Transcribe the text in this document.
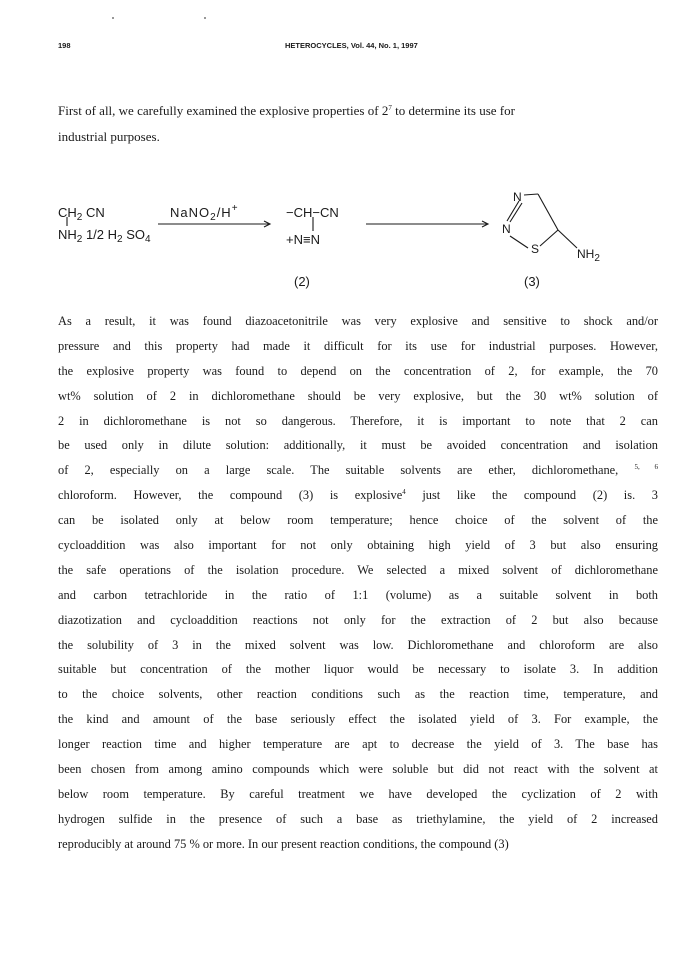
198	HETEROCYCLES, Vol. 44, No. 1, 1997

First of all, we carefully examined the explosive properties of $2^7$ to determine its use for
industrial purposes.

$CH_2$ CN
$NH_2$ 1/2 $H_2$ $SO_4$
NaNO$_2$/H+	−CH−CN
+N≡N
(2)
N
N
S	$NH_2$
(3)
As a result, it was found diazoacetonitrile was very explosive and sensitive to shock and/or
pressure and this property had made it difficult for its use for industrial purposes. However,
the explosive property was found to depend on the concentration of 2, for example, the 70
wt% solution of 2 in dichloromethane should be very explosive, but the 30 wt% solution of
2 in dichloromethane is not so dangerous. Therefore, it is important to note that 2 can
be used only in dilute solution: additionally, it must be avoided concentration and isolation
of 2, especially on a large scale. The suitable solvents are ether, dichloromethane, $^{5, 6}$
chloroform. However, the compound (3) is explosive$^4$ just like the compound (2) is. 3
can be isolated only at below room temperature; hence choice of the solvent of the
cycloaddition was also important for not only obtaining high yield of 3 but also ensuring
the safe operations of the isolation procedure. We selected a mixed solvent of dichloromethane
and carbon tetrachloride in the ratio of 1:1 (volume) as a suitable solvent in both
diazotization and cycloaddition reactions not only for the extraction of 2 but also because
the solubility of 3 in the mixed solvent was low. Dichloromethane and chloroform are also
suitable but concentration of the mother liquor would be necessary to isolate 3. In addition
to the choice solvents, other reaction conditions such as the reaction time, temperature, and
the kind and amount of the base seriously effect the isolated yield of 3. For example, the
longer reaction time and higher temperature are apt to decrease the yield of 3. The base has
been chosen from among amino compounds which were soluble but did not react with the solvent at
below room temperature. By careful treatment we have developed the cyclization of 2 with
hydrogen sulfide in the presence of such a base as triethylamine, the yield of 2 increased
reproducibly at around 75 % or more. In our present reaction conditions, the compound (3)
